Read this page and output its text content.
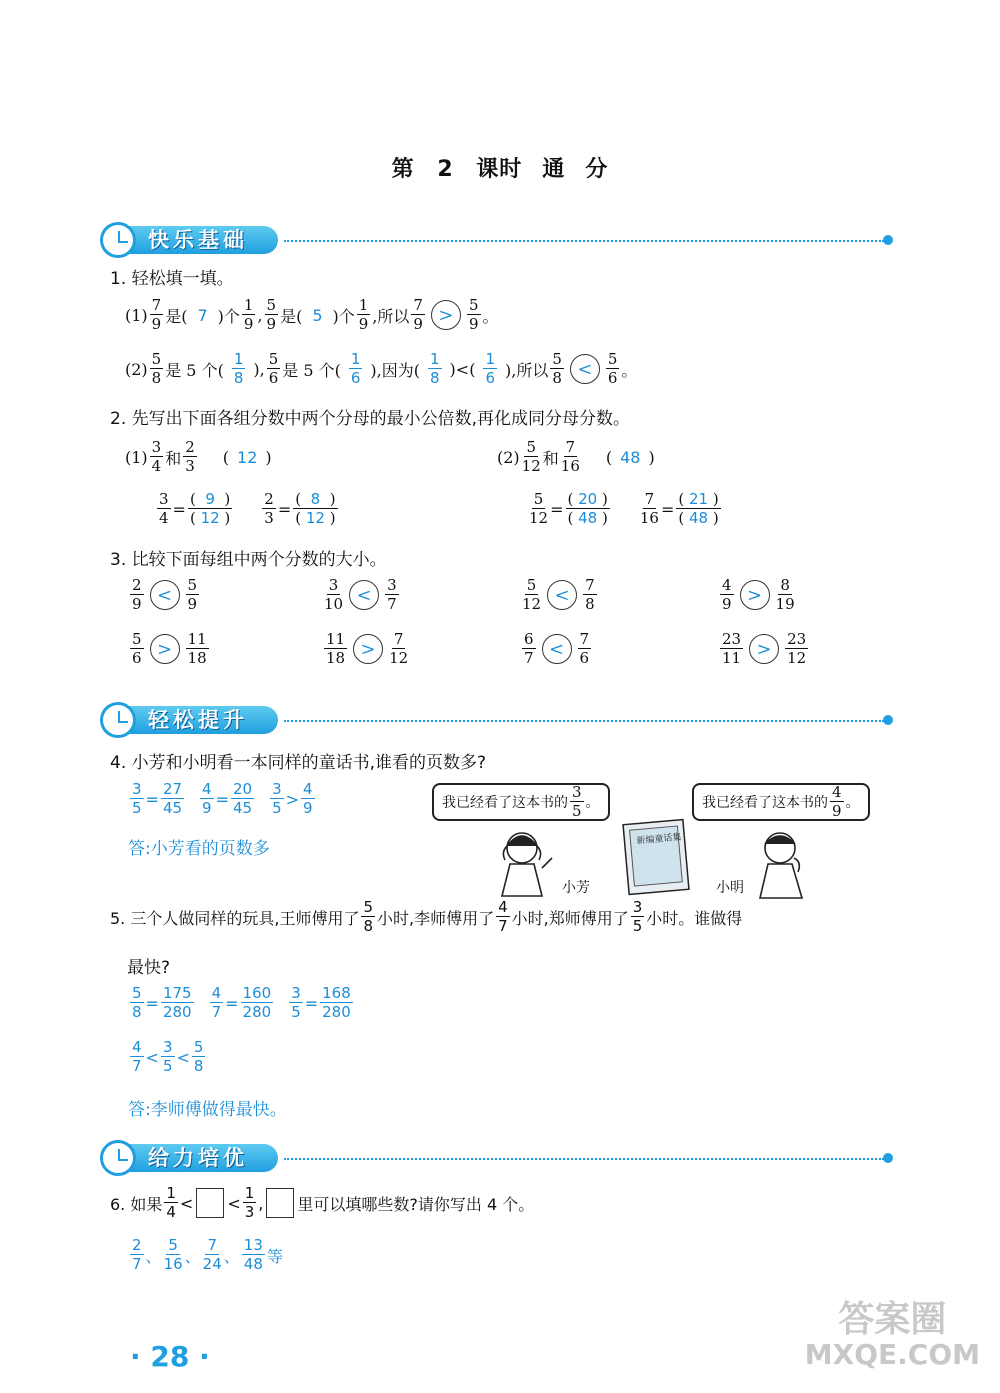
第 2 课时 通 分
快乐基础
轻松提升
给力培优
1. 轻松填一填。
(1)
7
9 是( 7 )个
1
9 ,
5
9 是( 5 )个
1
9 ,所以
7
9 >	5
9 。
(2)
5
8 是 5 个(
1
8 ),
5
6 是 5 个(
1
6 ),因为(
1
8 ) < (
1
6 ),所以
5
8 <	5
6 。
2. 先写出下面各组分数中两个分母的最小公倍数,再化成同分母分数。
(1)
3
4 和
2
3 ( 12 )	(2)
5
12 和
7
16 ( 48 )
3
4 =
(  9  )
( 12 )
2
3 =
(  8  )
( 12 )
5
12 =
( 20 )
( 48 )
7
16 =
( 21 )
( 48 )
3. 比较下面每组中两个分数的大小。
2
9 <	5
9
3
10 <	3
7
5
12 <	7
8
4
9 >	8
19
5
6 >	11
18
11
18 >	7
12
6
7 <	7
6
23
11 >	23
12
4. 小芳和小明看一本同样的童话书,谁看的页数多?
3
5 =
27
45
4
9 =
20
45
3
5 >
4
9
答:小芳看的页数多
我已经看了这本书的
3
5 。	我已经看了这本书的
4
9 。
新编童话集
小芳	小明
5. 三个人做同样的玩具,王师傅用了
5
8 小时,李师傅用了
4
7 小时,郑师傅用了
3
5 小时。谁做得
最快?
5
8 =
175
280
4
7 =
160
280
3
5 =
168
280
4
7 <
3
5 <
5
8
答:李师傅做得最快。
6. 如果
1
4 <
<
1
3 , 里可以填哪些数?请你写出 4 个。
2
7 、
5
16 、
7
24 、
13
48 等
· 28 ·
答案圈
MXQE.COM
